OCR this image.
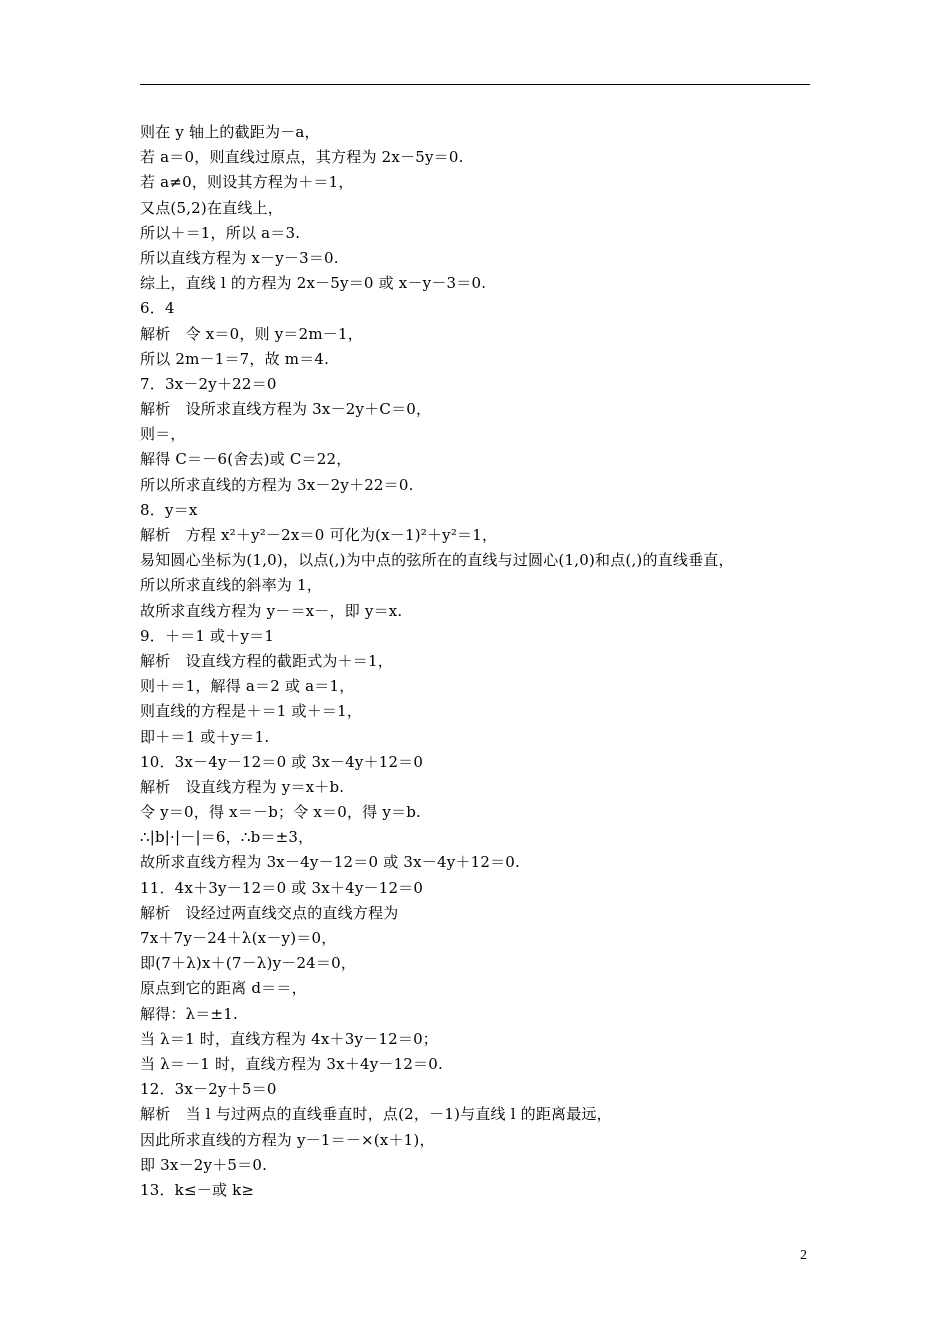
则在 y 轴上的截距为－a，
若 a＝0，则直线过原点，其方程为 2x－5y＝0.
若 a≠0，则设其方程为＋＝1，
又点(5,2)在直线上，
所以＋＝1，所以 a＝3.
所以直线方程为 x－y－3＝0.
综上，直线 l 的方程为 2x－5y＝0 或 x－y－3＝0.
6．4
解析　令 x＝0，则 y＝2m－1，
所以 2m－1＝7，故 m＝4.
7．3x－2y＋22＝0
解析　设所求直线方程为 3x－2y＋C＝0，
则＝，
解得 C＝－6(舍去)或 C＝22，
所以所求直线的方程为 3x－2y＋22＝0.
8．y＝x
解析　方程 x²＋y²－2x＝0 可化为(x－1)²＋y²＝1，
易知圆心坐标为(1,0)，以点(,)为中点的弦所在的直线与过圆心(1,0)和点(,)的直线垂直，
所以所求直线的斜率为 1，
故所求直线方程为 y－＝x－，即 y＝x.
9．＋＝1 或＋y＝1
解析　设直线方程的截距式为＋＝1，
则＋＝1，解得 a＝2 或 a＝1，
则直线的方程是＋＝1 或＋＝1，
即＋＝1 或＋y＝1.
10．3x－4y－12＝0 或 3x－4y＋12＝0
解析　设直线方程为 y＝x＋b.
令 y＝0，得 x＝－b；令 x＝0，得 y＝b.
∴|b|·|－|＝6，∴b＝±3，
故所求直线方程为 3x－4y－12＝0 或 3x－4y＋12＝0.
11．4x＋3y－12＝0 或 3x＋4y－12＝0
解析　设经过两直线交点的直线方程为
7x＋7y－24＋λ(x－y)＝0，
即(7＋λ)x＋(7－λ)y－24＝0，
原点到它的距离 d＝＝，
解得：λ＝±1.
当 λ＝1 时，直线方程为 4x＋3y－12＝0；
当 λ＝－1 时，直线方程为 3x＋4y－12＝0.
12．3x－2y＋5＝0
解析　当 l 与过两点的直线垂直时，点(2，－1)与直线 l 的距离最远，
因此所求直线的方程为 y－1＝－×(x＋1)，
即 3x－2y＋5＝0.
13．k≤－或 k≥
2
